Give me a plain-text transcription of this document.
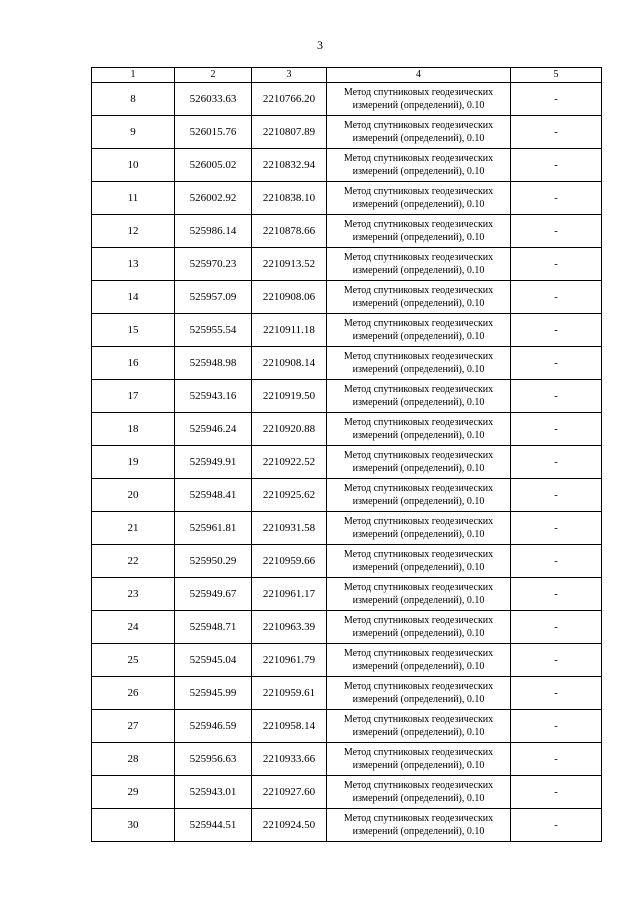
3
1	2	3	4	5
8	526033.63	2210766.20	Метод спутниковых геодезических измерений (определений), 0.10	-
9	526015.76	2210807.89	Метод спутниковых геодезических измерений (определений), 0.10	-
10	526005.02	2210832.94	Метод спутниковых геодезических измерений (определений), 0.10	-
11	526002.92	2210838.10	Метод спутниковых геодезических измерений (определений), 0.10	-
12	525986.14	2210878.66	Метод спутниковых геодезических измерений (определений), 0.10	-
13	525970.23	2210913.52	Метод спутниковых геодезических измерений (определений), 0.10	-
14	525957.09	2210908.06	Метод спутниковых геодезических измерений (определений), 0.10	-
15	525955.54	2210911.18	Метод спутниковых геодезических измерений (определений), 0.10	-
16	525948.98	2210908.14	Метод спутниковых геодезических измерений (определений), 0.10	-
17	525943.16	2210919.50	Метод спутниковых геодезических измерений (определений), 0.10	-
18	525946.24	2210920.88	Метод спутниковых геодезических измерений (определений), 0.10	-
19	525949.91	2210922.52	Метод спутниковых геодезических измерений (определений), 0.10	-
20	525948.41	2210925.62	Метод спутниковых геодезических измерений (определений), 0.10	-
21	525961.81	2210931.58	Метод спутниковых геодезических измерений (определений), 0.10	-
22	525950.29	2210959.66	Метод спутниковых геодезических измерений (определений), 0.10	-
23	525949.67	2210961.17	Метод спутниковых геодезических измерений (определений), 0.10	-
24	525948.71	2210963.39	Метод спутниковых геодезических измерений (определений), 0.10	-
25	525945.04	2210961.79	Метод спутниковых геодезических измерений (определений), 0.10	-
26	525945.99	2210959.61	Метод спутниковых геодезических измерений (определений), 0.10	-
27	525946.59	2210958.14	Метод спутниковых геодезических измерений (определений), 0.10	-
28	525956.63	2210933.66	Метод спутниковых геодезических измерений (определений), 0.10	-
29	525943.01	2210927.60	Метод спутниковых геодезических измерений (определений), 0.10	-
30	525944.51	2210924.50	Метод спутниковых геодезических измерений (определений), 0.10	-
